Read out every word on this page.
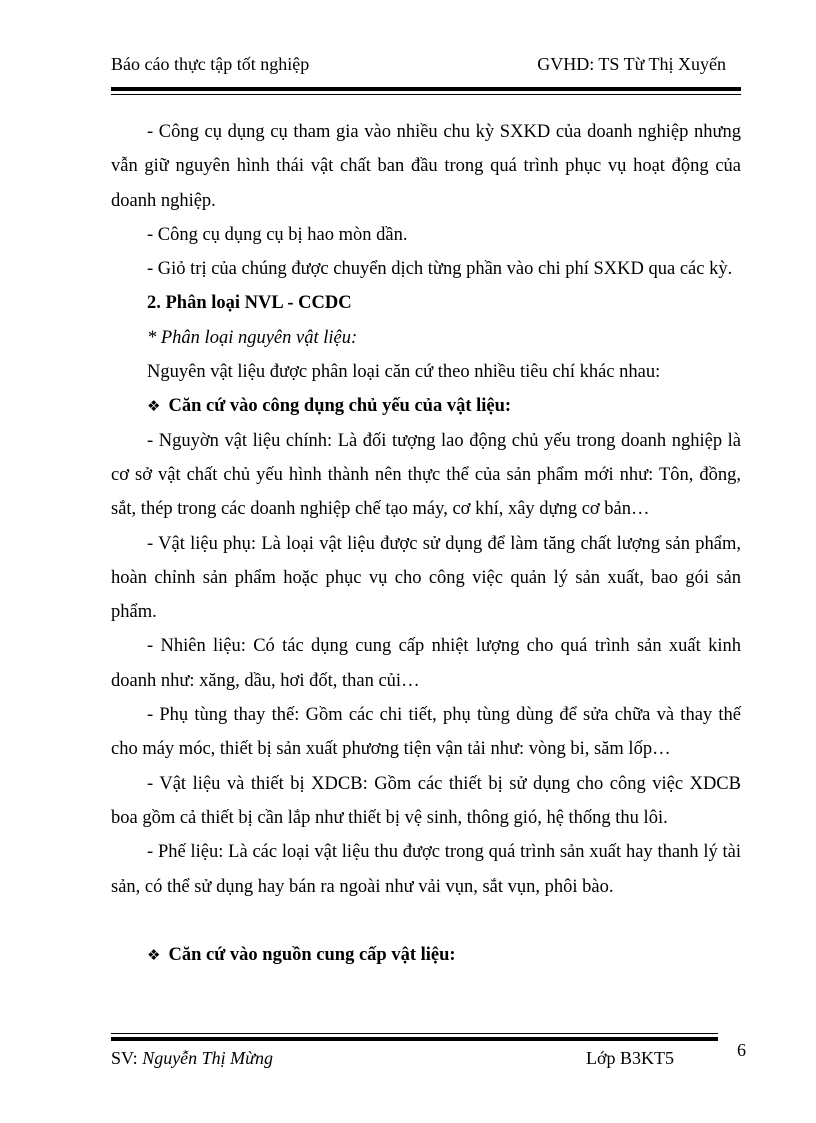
Báo cáo thực tập tốt nghiệp	GVHD: TS Từ Thị Xuyến

- Công cụ dụng cụ tham gia vào nhiều chu kỳ SXKD của doanh nghiệp nhưng vẫn giữ nguyên hình thái vật chất ban đầu trong quá trình phục vụ hoạt động của doanh nghiệp.

- Công cụ dụng cụ bị hao mòn dần.

- Giỏ trị của chúng được chuyển dịch từng phần vào chi phí SXKD qua các kỳ.

2. Phân loại NVL - CCDC

* Phân loại nguyên vật liệu:

Nguyên vật liệu được phân loại căn cứ theo nhiều tiêu chí khác nhau:

❖ Căn cứ vào công dụng chủ yếu của vật liệu:

- Nguyờn vật liệu chính: Là đối tượng lao động chủ yếu trong doanh nghiệp là cơ sở vật chất chủ yếu hình thành nên thực thể của sản phẩm mới như: Tôn, đồng, sắt, thép trong các doanh nghiệp chế tạo máy, cơ khí, xây dựng cơ bản…

- Vật liệu phụ: Là loại vật liệu được sử dụng để làm tăng chất lượng sản phẩm, hoàn chỉnh sản phẩm hoặc phục vụ cho công việc quản lý sản xuất, bao gói sản phẩm.

- Nhiên liệu: Có tác dụng cung cấp nhiệt lượng cho quá trình sản xuất kinh doanh như: xăng, dầu, hơi đốt, than củi…

- Phụ tùng thay thế: Gồm các chi tiết, phụ tùng dùng để sửa chữa và thay thế cho máy móc, thiết bị sản xuất phương tiện vận tải như: vòng bi, săm lốp…

- Vật liệu và thiết bị XDCB: Gồm các thiết bị sử dụng cho công việc XDCB boa gồm cả thiết bị cần lắp như thiết bị vệ sinh, thông gió, hệ thống thu lôi.

- Phế liệu: Là các loại vật liệu thu được trong quá trình sản xuất hay thanh lý tài sản, có thể sử dụng hay bán ra ngoài như vải vụn, sắt vụn, phôi bào.

❖ Căn cứ vào nguồn cung cấp vật liệu:

SV: Nguyễn Thị Mừng	Lớp B3KT5	6
